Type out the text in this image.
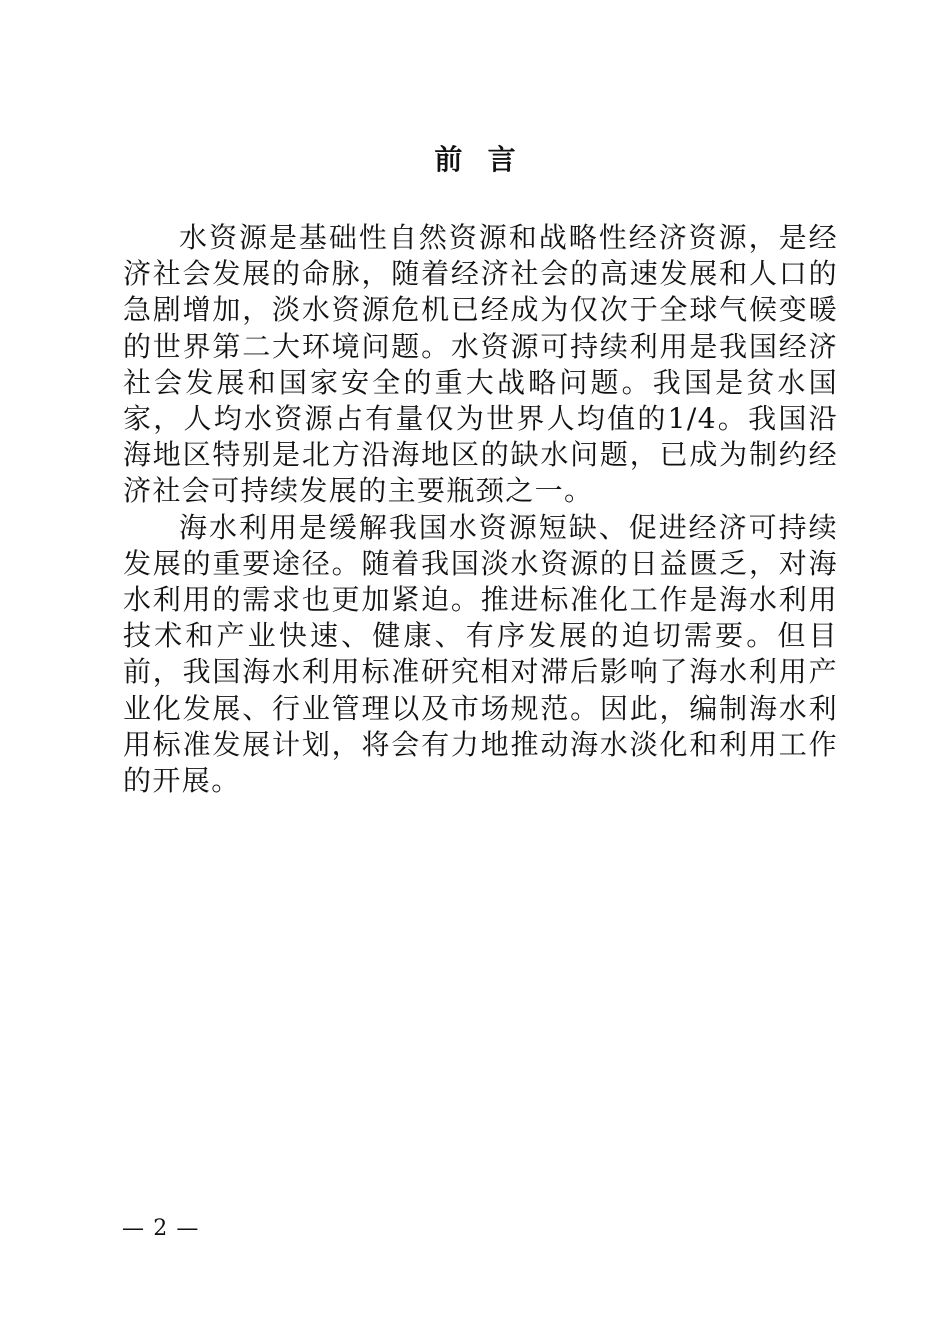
前言

水资源是基础性自然资源和战略性经济资源，是经济社会发展的命脉，随着经济社会的高速发展和人口的急剧增加，淡水资源危机已经成为仅次于全球气候变暖的世界第二大环境问题。水资源可持续利用是我国经济社会发展和国家安全的重大战略问题。我国是贫水国家，人均水资源占有量仅为世界人均值的1/4。我国沿海地区特别是北方沿海地区的缺水问题，已成为制约经济社会可持续发展的主要瓶颈之一。

海水利用是缓解我国水资源短缺、促进经济可持续发展的重要途径。随着我国淡水资源的日益匮乏，对海水利用的需求也更加紧迫。推进标准化工作是海水利用技术和产业快速、健康、有序发展的迫切需要。但目前，我国海水利用标准研究相对滞后影响了海水利用产业化发展、行业管理以及市场规范。因此，编制海水利用标准发展计划，将会有力地推动海水淡化和利用工作的开展。

— 2 —
